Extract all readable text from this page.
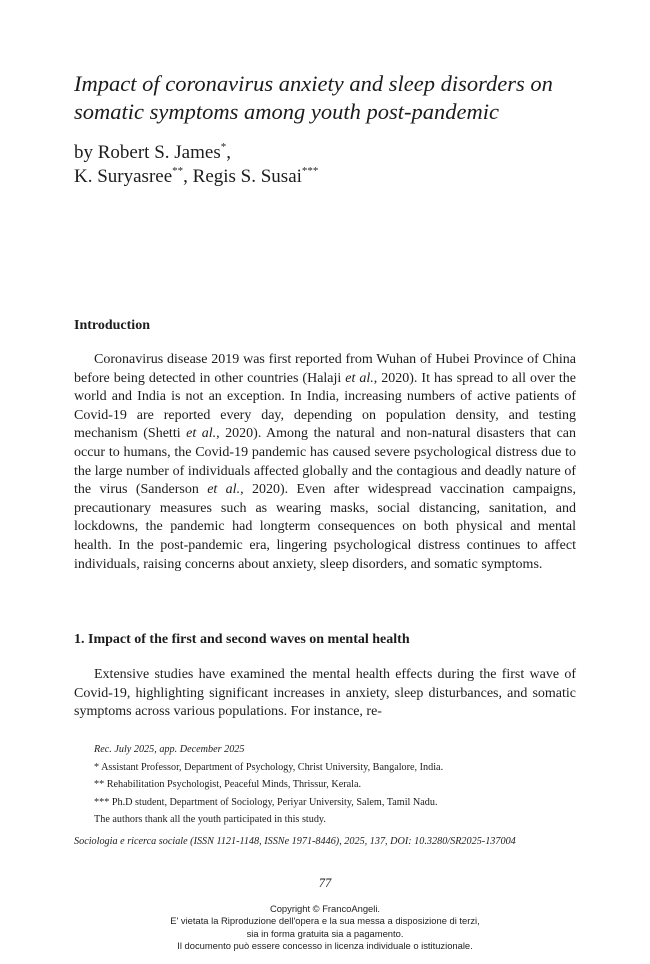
Impact of coronavirus anxiety and sleep disorders on somatic symptoms among youth post-pandemic
by Robert S. James*,
K. Suryasree**, Regis S. Susai***
Introduction

Coronavirus disease 2019 was first reported from Wuhan of Hubei Province of China before being detected in other countries (Halaji et al., 2020). It has spread to all over the world and India is not an exception. In India, increasing numbers of active patients of Covid-19 are reported every day, depending on population density, and testing mechanism (Shetti et al., 2020). Among the natural and non-natural disasters that can occur to humans, the Covid-19 pandemic has caused severe psychological distress due to the large number of individuals affected globally and the contagious and deadly nature of the virus (Sanderson et al., 2020). Even after widespread vaccination campaigns, precautionary measures such as wearing masks, social distancing, sanitation, and lockdowns, the pandemic had longterm consequences on both physical and mental health. In the post-pandemic era, lingering psychological distress continues to affect individuals, raising concerns about anxiety, sleep disorders, and somatic symptoms.

1. Impact of the first and second waves on mental health

Extensive studies have examined the mental health effects during the first wave of Covid-19, highlighting significant increases in anxiety, sleep disturbances, and somatic symptoms across various populations. For instance, re-

Rec. July 2025, app. December 2025
* Assistant Professor, Department of Psychology, Christ University, Bangalore, India.
** Rehabilitation Psychologist, Peaceful Minds, Thrissur, Kerala.
*** Ph.D student, Department of Sociology, Periyar University, Salem, Tamil Nadu.
The authors thank all the youth participated in this study.
Sociologia e ricerca sociale (ISSN 1121-1148, ISSNe 1971-8446), 2025, 137, DOI: 10.3280/SR2025-137004
77
Copyright © FrancoAngeli.
E' vietata la Riproduzione dell'opera e la sua messa a disposizione di terzi,
sia in forma gratuita sia a pagamento.
Il documento può essere concesso in licenza individuale o istituzionale.
